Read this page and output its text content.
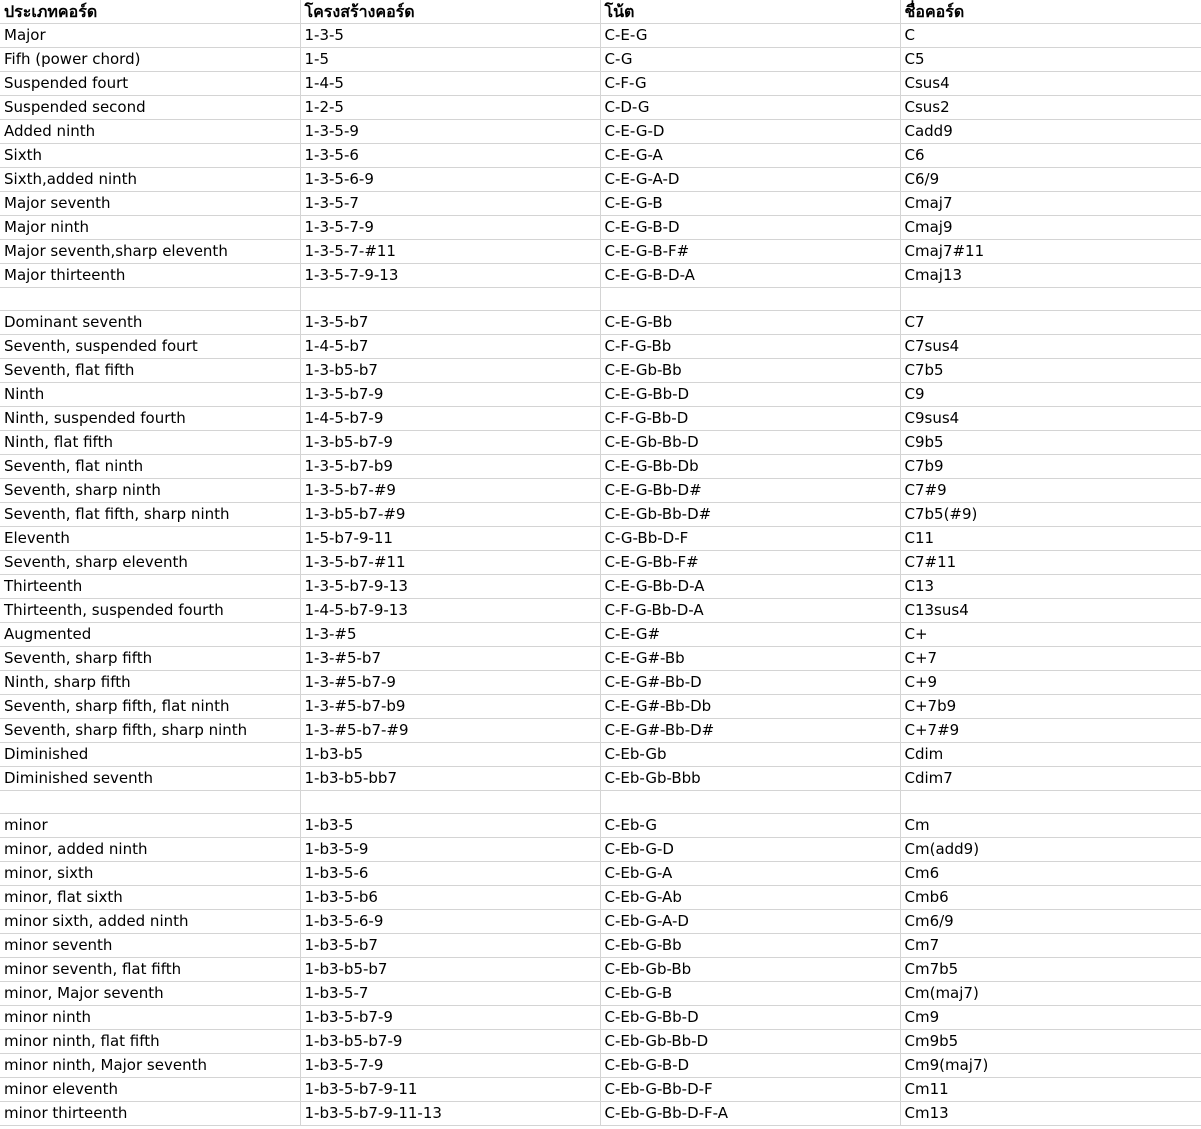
ประเภทคอร์ด	โครงสร้างคอร์ด	โน้ต	ชื่อคอร์ด
Major	1-3-5	C-E-G	C
Fifh (power chord)	1-5	C-G	C5
Suspended fourt	1-4-5	C-F-G	Csus4
Suspended second	1-2-5	C-D-G	Csus2
Added ninth	1-3-5-9	C-E-G-D	Cadd9
Sixth	1-3-5-6	C-E-G-A	C6
Sixth,added ninth	1-3-5-6-9	C-E-G-A-D	C6/9
Major seventh	1-3-5-7	C-E-G-B	Cmaj7
Major ninth	1-3-5-7-9	C-E-G-B-D	Cmaj9
Major seventh,sharp eleventh	1-3-5-7-#11	C-E-G-B-F#	Cmaj7#11
Major thirteenth	1-3-5-7-9-13	C-E-G-B-D-A	Cmaj13

Dominant seventh	1-3-5-b7	C-E-G-Bb	C7
Seventh, suspended fourt	1-4-5-b7	C-F-G-Bb	C7sus4
Seventh, flat fifth	1-3-b5-b7	C-E-Gb-Bb	C7b5
Ninth	1-3-5-b7-9	C-E-G-Bb-D	C9
Ninth, suspended fourth	1-4-5-b7-9	C-F-G-Bb-D	C9sus4
Ninth, flat fifth	1-3-b5-b7-9	C-E-Gb-Bb-D	C9b5
Seventh, flat ninth	1-3-5-b7-b9	C-E-G-Bb-Db	C7b9
Seventh, sharp ninth	1-3-5-b7-#9	C-E-G-Bb-D#	C7#9
Seventh, flat fifth, sharp ninth	1-3-b5-b7-#9	C-E-Gb-Bb-D#	C7b5(#9)
Eleventh	1-5-b7-9-11	C-G-Bb-D-F	C11
Seventh, sharp eleventh	1-3-5-b7-#11	C-E-G-Bb-F#	C7#11
Thirteenth	1-3-5-b7-9-13	C-E-G-Bb-D-A	C13
Thirteenth, suspended fourth	1-4-5-b7-9-13	C-F-G-Bb-D-A	C13sus4
Augmented	1-3-#5	C-E-G#	C+
Seventh, sharp fifth	1-3-#5-b7	C-E-G#-Bb	C+7
Ninth, sharp fifth	1-3-#5-b7-9	C-E-G#-Bb-D	C+9
Seventh, sharp fifth, flat ninth	1-3-#5-b7-b9	C-E-G#-Bb-Db	C+7b9
Seventh, sharp fifth, sharp ninth	1-3-#5-b7-#9	C-E-G#-Bb-D#	C+7#9
Diminished	1-b3-b5	C-Eb-Gb	Cdim
Diminished seventh	1-b3-b5-bb7	C-Eb-Gb-Bbb	Cdim7

minor	1-b3-5	C-Eb-G	Cm
minor, added ninth	1-b3-5-9	C-Eb-G-D	Cm(add9)
minor, sixth	1-b3-5-6	C-Eb-G-A	Cm6
minor, flat sixth	1-b3-5-b6	C-Eb-G-Ab	Cmb6
minor sixth, added ninth	1-b3-5-6-9	C-Eb-G-A-D	Cm6/9
minor seventh	1-b3-5-b7	C-Eb-G-Bb	Cm7
minor seventh, flat fifth	1-b3-b5-b7	C-Eb-Gb-Bb	Cm7b5
minor, Major seventh	1-b3-5-7	C-Eb-G-B	Cm(maj7)
minor ninth	1-b3-5-b7-9	C-Eb-G-Bb-D	Cm9
minor ninth, flat fifth	1-b3-b5-b7-9	C-Eb-Gb-Bb-D	Cm9b5
minor ninth, Major seventh	1-b3-5-7-9	C-Eb-G-B-D	Cm9(maj7)
minor eleventh	1-b3-5-b7-9-11	C-Eb-G-Bb-D-F	Cm11
minor thirteenth	1-b3-5-b7-9-11-13	C-Eb-G-Bb-D-F-A	Cm13
